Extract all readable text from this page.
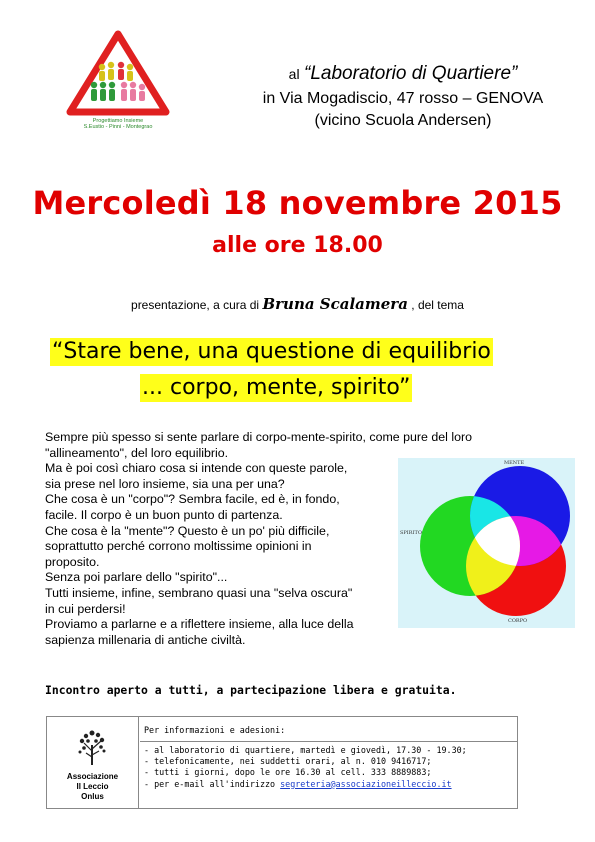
Progettiamo Insieme
S.Eustio - Pinni - Montegrao
al “Laboratorio di Quartiere”
in Via Mogadiscio, 47 rosso – GENOVA
(vicino Scuola Andersen)
Mercoledì 18 novembre 2015
alle ore 18.00
presentazione, a cura di Bruna Scalamera , del tema
“Stare bene, una questione di equilibrio
... corpo, mente, spirito”

Sempre più spesso si sente parlare di corpo-mente-spirito, come pure del loro

"allineamento", del loro equilibrio.

Ma è poi così chiaro cosa si intende con queste parole,

sia prese nel loro insieme, sia una per una?

Che cosa è un "corpo"? Sembra facile, ed è, in fondo,

facile. Il corpo è un buon punto di partenza.

Che cosa è la "mente"? Questo è un po' più difficile,

soprattutto perché corrono moltissime opinioni in

proposito.

Senza poi parlare dello "spirito"...

Tutti insieme, infine, sembrano quasi una "selva oscura"

in cui perdersi!

Proviamo a parlarne e a riflettere insieme, alla luce della

sapienza millenaria di antiche civiltà.

MENTE
SPIRITO
CORPO
Incontro aperto a tutti, a partecipazione libera e gratuita.
Associazione
Il Leccio
Onlus
Per informazioni e adesioni:

- al laboratorio di quartiere, martedì e giovedì, 17.30 - 19.30;

- telefonicamente, nei suddetti orari, al n. 010 9416717;

- tutti i giorni, dopo le ore 16.30 al cell. 333 8889883;

- per e-mail all'indirizzo segreteria@associazioneilleccio.it
